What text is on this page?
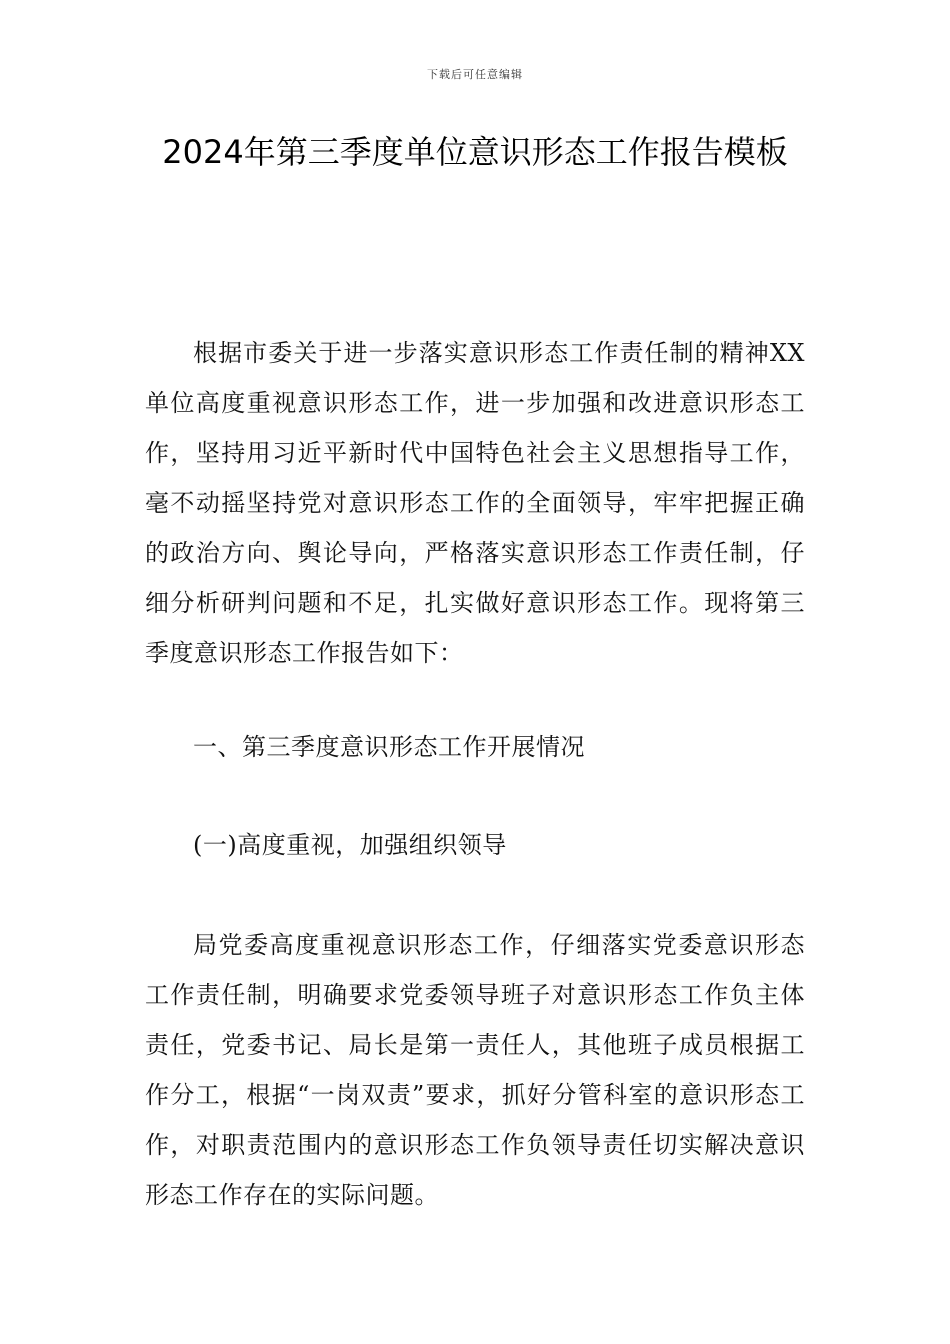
下载后可任意编辑
2024年第三季度单位意识形态工作报告模板

根据市委关于进一步落实意识形态工作责任制的精神XX单位高度重视意识形态工作，进一步加强和改进意识形态工作，坚持用习近平新时代中国特色社会主义思想指导工作，毫不动摇坚持党对意识形态工作的全面领导，牢牢把握正确的政治方向、舆论导向，严格落实意识形态工作责任制，仔细分析研判问题和不足，扎实做好意识形态工作。现将第三季度意识形态工作报告如下：

一、第三季度意识形态工作开展情况

(一)高度重视，加强组织领导

局党委高度重视意识形态工作，仔细落实党委意识形态工作责任制，明确要求党委领导班子对意识形态工作负主体责任，党委书记、局长是第一责任人，其他班子成员根据工作分工，根据“一岗双责”要求，抓好分管科室的意识形态工作，对职责范围内的意识形态工作负领导责任切实解决意识形态工作存在的实际问题。
